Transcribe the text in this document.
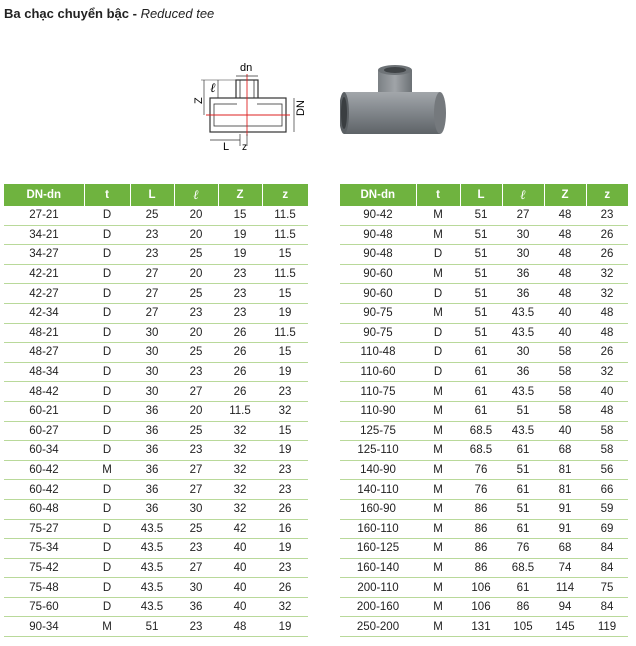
Ba chạc chuyển bậc - Reduced tee
dn
Z
ℓ
DN
L z
DN-dn	t	L	ℓ	Z	z
27-21	D	25	20	15	11.5
34-21	D	23	20	19	11.5
34-27	D	23	25	19	15
42-21	D	27	20	23	11.5
42-27	D	27	25	23	15
42-34	D	27	23	23	19
48-21	D	30	20	26	11.5
48-27	D	30	25	26	15
48-34	D	30	23	26	19
48-42	D	30	27	26	23
60-21	D	36	20	11.5	32
60-27	D	36	25	32	15
60-34	D	36	23	32	19
60-42	M	36	27	32	23
60-42	D	36	27	32	23
60-48	D	36	30	32	26
75-27	D	43.5	25	42	16
75-34	D	43.5	23	40	19
75-42	D	43.5	27	40	23
75-48	D	43.5	30	40	26
75-60	D	43.5	36	40	32
90-34	M	51	23	48	19
DN-dn	t	L	ℓ	Z	z
90-42	M	51	27	48	23
90-48	M	51	30	48	26
90-48	D	51	30	48	26
90-60	M	51	36	48	32
90-60	D	51	36	48	32
90-75	M	51	43.5	40	48
90-75	D	51	43.5	40	48
110-48	D	61	30	58	26
110-60	D	61	36	58	32
110-75	M	61	43.5	58	40
110-90	M	61	51	58	48
125-75	M	68.5	43.5	40	58
125-110	M	68.5	61	68	58
140-90	M	76	51	81	56
140-110	M	76	61	81	66
160-90	M	86	51	91	59
160-110	M	86	61	91	69
160-125	M	86	76	68	84
160-140	M	86	68.5	74	84
200-110	M	106	61	114	75
200-160	M	106	86	94	84
250-200	M	131	105	145	119
